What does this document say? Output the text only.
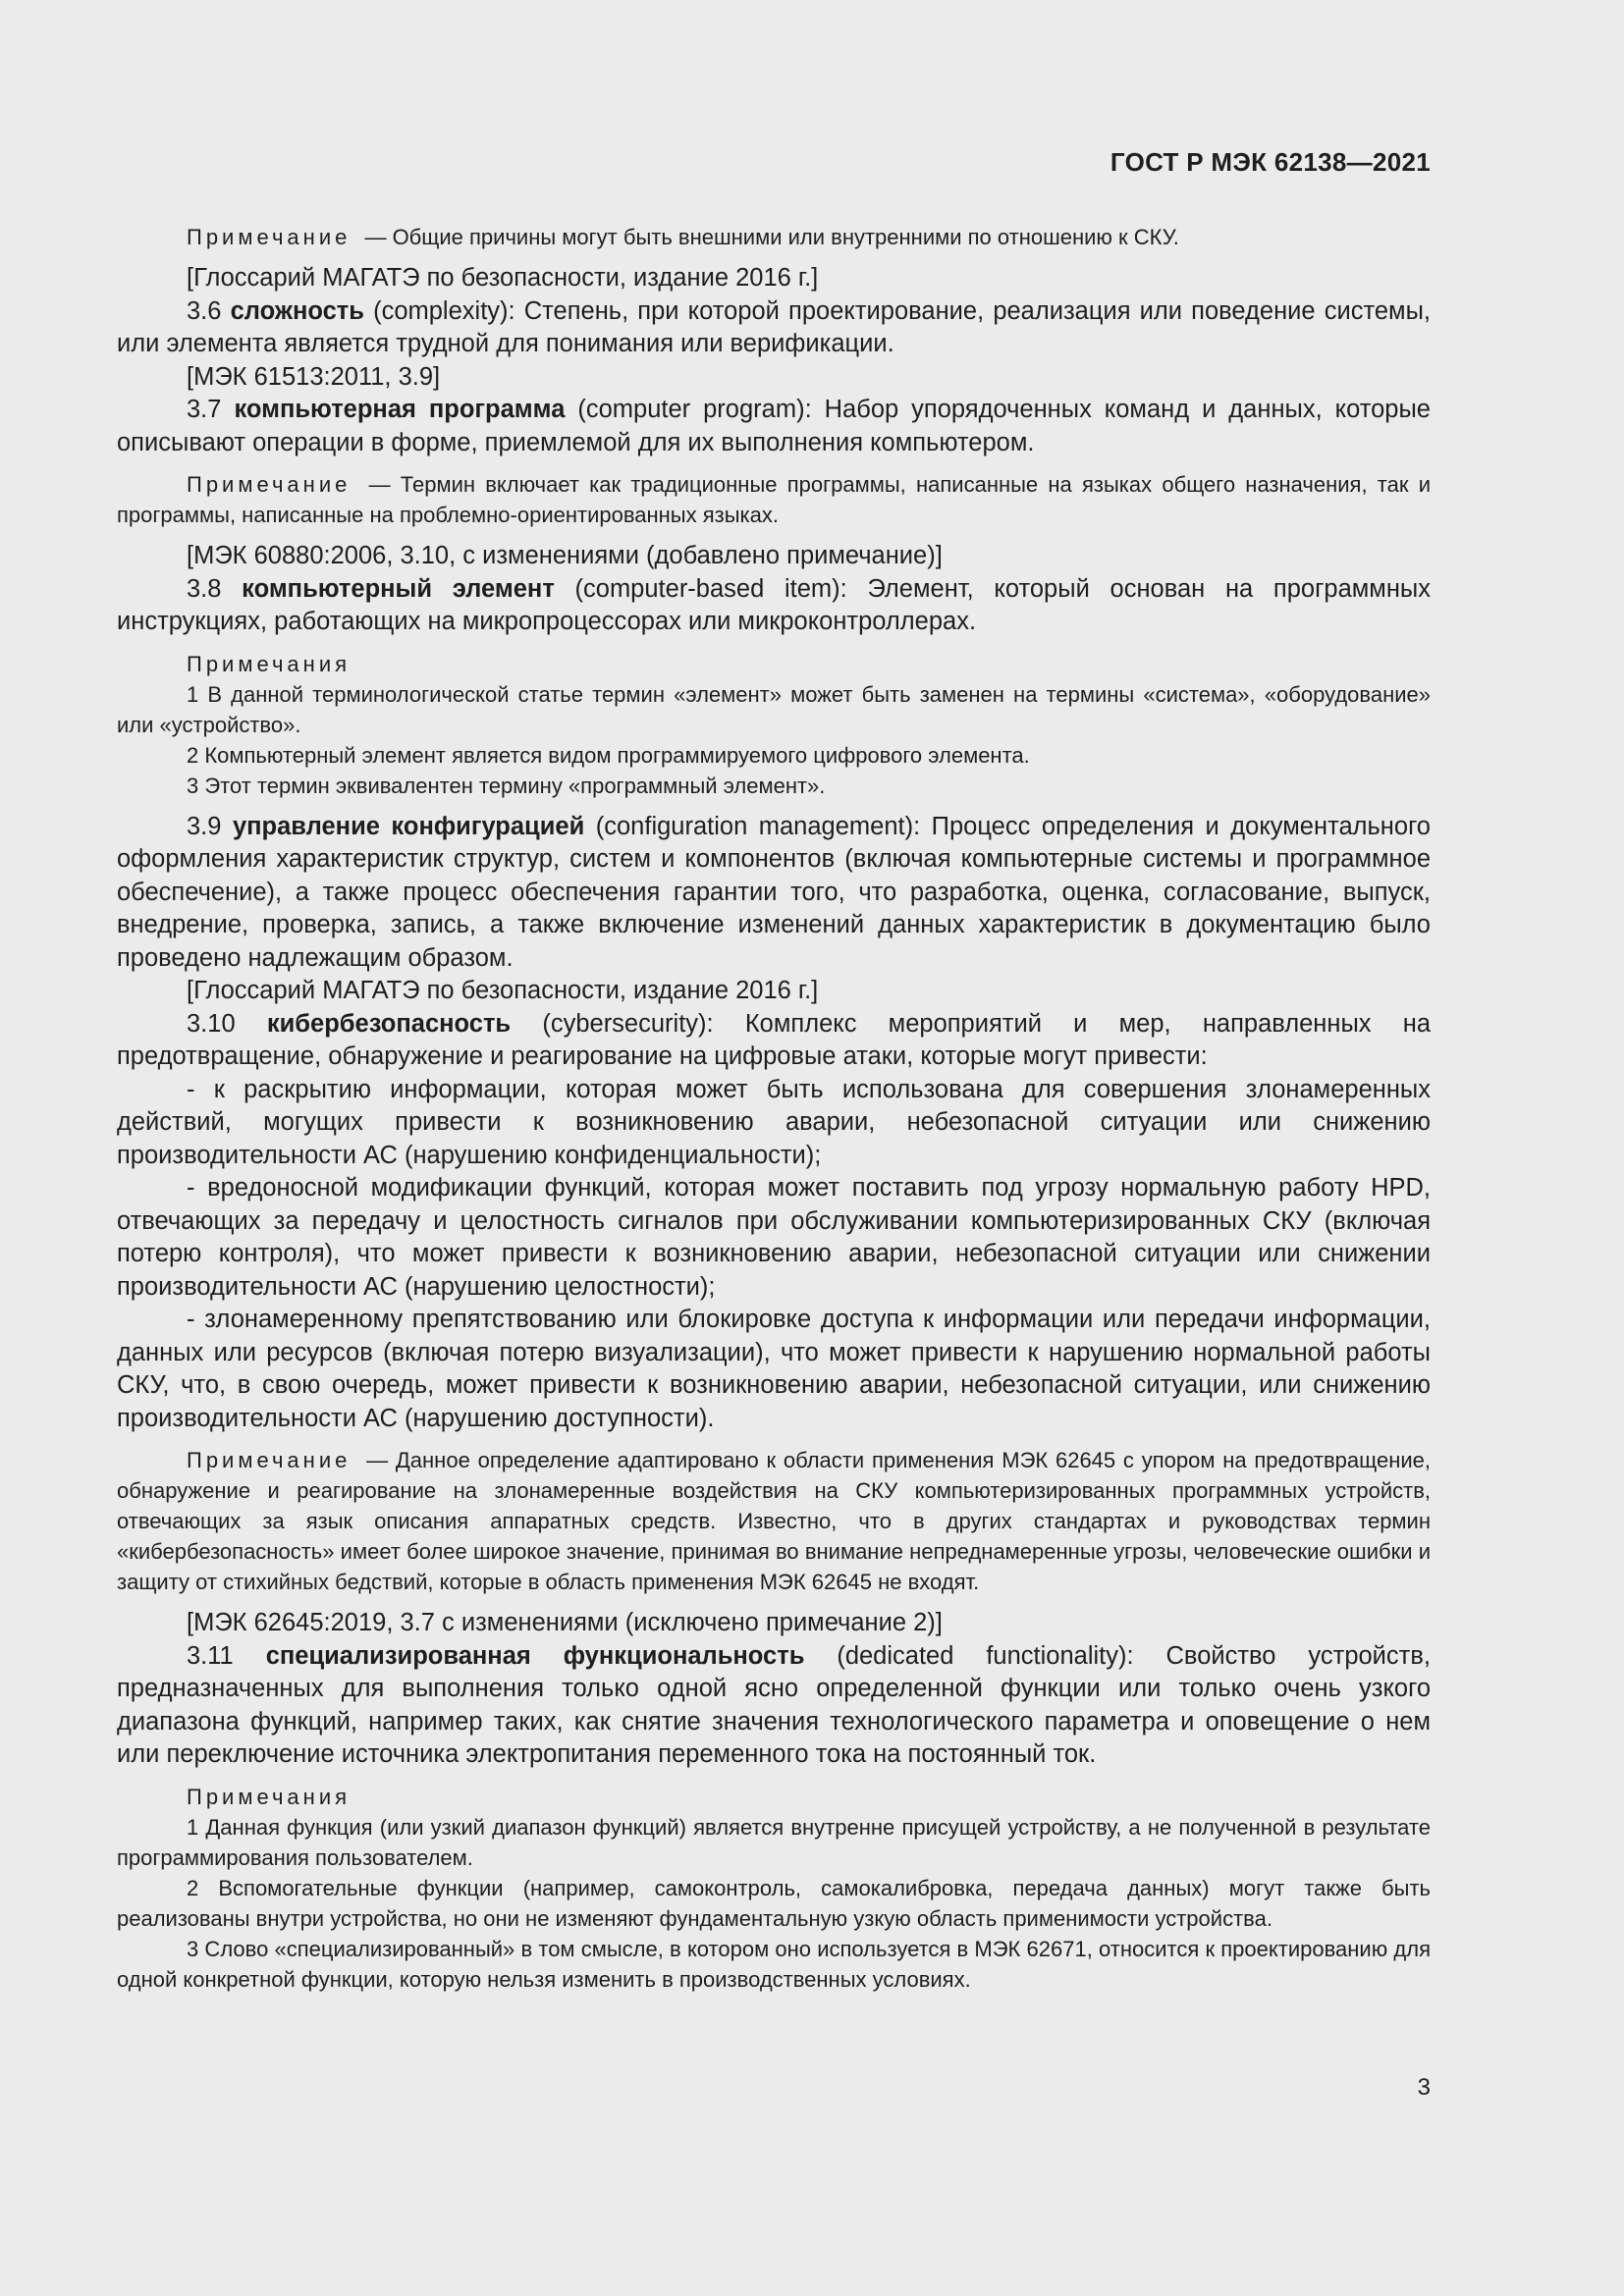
ГОСТ Р МЭК 62138—2021

Примечание — Общие причины могут быть внешними или внутренними по отношению к СКУ.

[Глоссарий МАГАТЭ по безопасности, издание 2016 г.]

3.6 сложность (complexity): Степень, при которой проектирование, реализация или поведение системы, или элемента является трудной для понимания или верификации.

[МЭК 61513:2011, 3.9]

3.7 компьютерная программа (computer program): Набор упорядоченных команд и данных, которые описывают операции в форме, приемлемой для их выполнения компьютером.

Примечание — Термин включает как традиционные программы, написанные на языках общего назначения, так и программы, написанные на проблемно-ориентированных языках.

[МЭК 60880:2006, 3.10, с изменениями (добавлено примечание)]

3.8 компьютерный элемент (computer-based item): Элемент, который основан на программных инструкциях, работающих на микропроцессорах или микроконтроллерах.

Примечания

1 В данной терминологической статье термин «элемент» может быть заменен на термины «система», «оборудование» или «устройство».

2 Компьютерный элемент является видом программируемого цифрового элемента.

3 Этот термин эквивалентен термину «программный элемент».

3.9 управление конфигурацией (configuration management): Процесс определения и документального оформления характеристик структур, систем и компонентов (включая компьютерные системы и программное обеспечение), а также процесс обеспечения гарантии того, что разработка, оценка, согласование, выпуск, внедрение, проверка, запись, а также включение изменений данных характеристик в документацию было проведено надлежащим образом.

[Глоссарий МАГАТЭ по безопасности, издание 2016 г.]

3.10 кибербезопасность (cybersecurity): Комплекс мероприятий и мер, направленных на предотвращение, обнаружение и реагирование на цифровые атаки, которые могут привести:

- к раскрытию информации, которая может быть использована для совершения злонамеренных действий, могущих привести к возникновению аварии, небезопасной ситуации или снижению производительности АС (нарушению конфиденциальности);

- вредоносной модификации функций, которая может поставить под угрозу нормальную работу HPD, отвечающих за передачу и целостность сигналов при обслуживании компьютеризированных СКУ (включая потерю контроля), что может привести к возникновению аварии, небезопасной ситуации или снижении производительности АС (нарушению целостности);

- злонамеренному препятствованию или блокировке доступа к информации или передачи информации, данных или ресурсов (включая потерю визуализации), что может привести к нарушению нормальной работы СКУ, что, в свою очередь, может привести к возникновению аварии, небезопасной ситуации, или снижению производительности АС (нарушению доступности).

Примечание — Данное определение адаптировано к области применения МЭК 62645 с упором на предотвращение, обнаружение и реагирование на злонамеренные воздействия на СКУ компьютеризированных программных устройств, отвечающих за язык описания аппаратных средств. Известно, что в других стандартах и руководствах термин «кибербезопасность» имеет более широкое значение, принимая во внимание непреднамеренные угрозы, человеческие ошибки и защиту от стихийных бедствий, которые в область применения МЭК 62645 не входят.

[МЭК 62645:2019, 3.7 с изменениями (исключено примечание 2)]

3.11 специализированная функциональность (dedicated functionality): Свойство устройств, предназначенных для выполнения только одной ясно определенной функции или только очень узкого диапазона функций, например таких, как снятие значения технологического параметра и оповещение о нем или переключение источника электропитания переменного тока на постоянный ток.

Примечания

1 Данная функция (или узкий диапазон функций) является внутренне присущей устройству, а не полученной в результате программирования пользователем.

2 Вспомогательные функции (например, самоконтроль, самокалибровка, передача данных) могут также быть реализованы внутри устройства, но они не изменяют фундаментальную узкую область применимости устройства.

3 Слово «специализированный» в том смысле, в котором оно используется в МЭК 62671, относится к проектированию для одной конкретной функции, которую нельзя изменить в производственных условиях.

3
